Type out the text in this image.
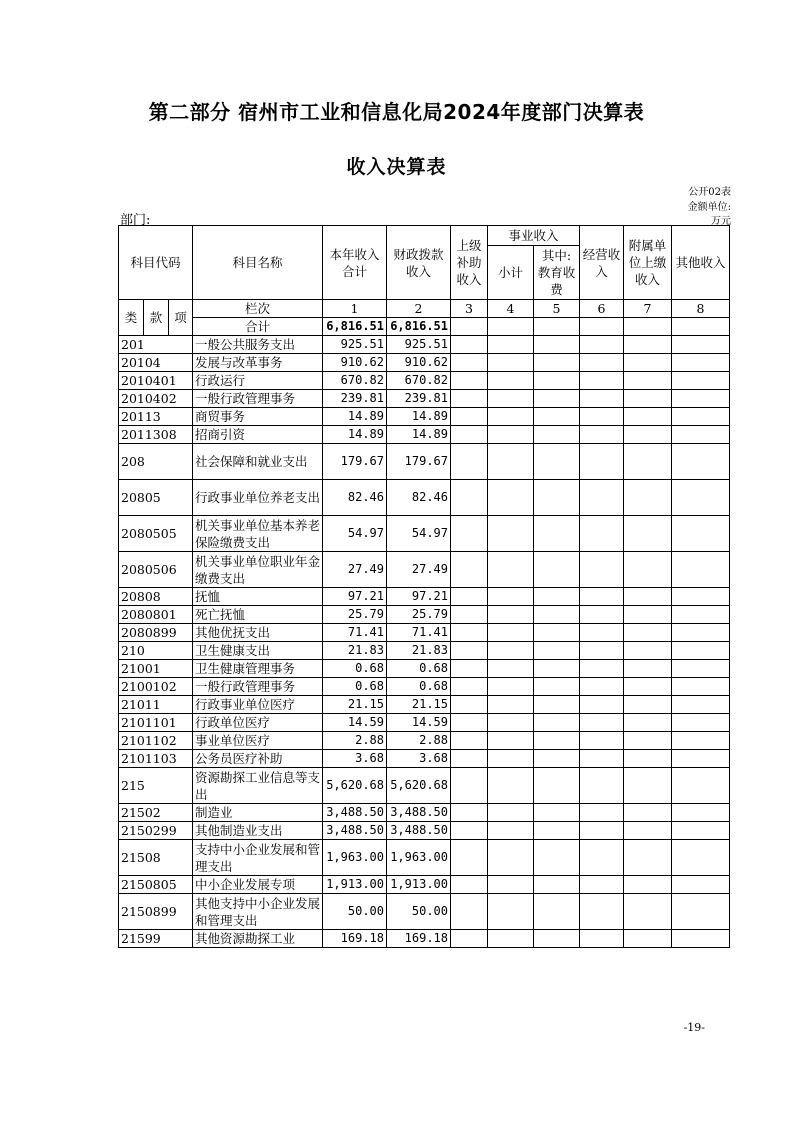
第二部分 宿州市工业和信息化局2024年度部门决算表
收入决算表
公开02表
金额单位:
万元
部门:
科目代码			科目名称	本年收入合计	财政拨款收入	上级补助收入	事业收入		经营收入	附属单位上缴收入	其他收入
							小计	其中:教育收费			

类	款	项	栏次	1	2	3	4	5	6	7	8
			合计	6,816.51	6,816.51						
201			一般公共服务支出	925.51	925.51						
20104			发展与改革事务	910.62	910.62						
2010401			行政运行	670.82	670.82						
2010402			一般行政管理事务	239.81	239.81						
20113			商贸事务	14.89	14.89						
2011308			招商引资	14.89	14.89						
208			社会保障和就业支出	179.67	179.67						
20805			行政事业单位养老支出	82.46	82.46						
2080505			机关事业单位基本养老保险缴费支出	54.97	54.97						
2080506			机关事业单位职业年金缴费支出	27.49	27.49						
20808			抚恤	97.21	97.21						
2080801			死亡抚恤	25.79	25.79						
2080899			其他优抚支出	71.41	71.41						
210			卫生健康支出	21.83	21.83						
21001			卫生健康管理事务	0.68	0.68						
2100102			一般行政管理事务	0.68	0.68						
21011			行政事业单位医疗	21.15	21.15						
2101101			行政单位医疗	14.59	14.59						
2101102			事业单位医疗	2.88	2.88						
2101103			公务员医疗补助	3.68	3.68						
215			资源勘探工业信息等支出	5,620.68	5,620.68						
21502			制造业	3,488.50	3,488.50						
2150299			其他制造业支出	3,488.50	3,488.50						
21508			支持中小企业发展和管理支出	1,963.00	1,963.00						
2150805			中小企业发展专项	1,913.00	1,913.00						
2150899			其他支持中小企业发展和管理支出	50.00	50.00						
21599			其他资源勘探工业	169.18	169.18						
-19-
